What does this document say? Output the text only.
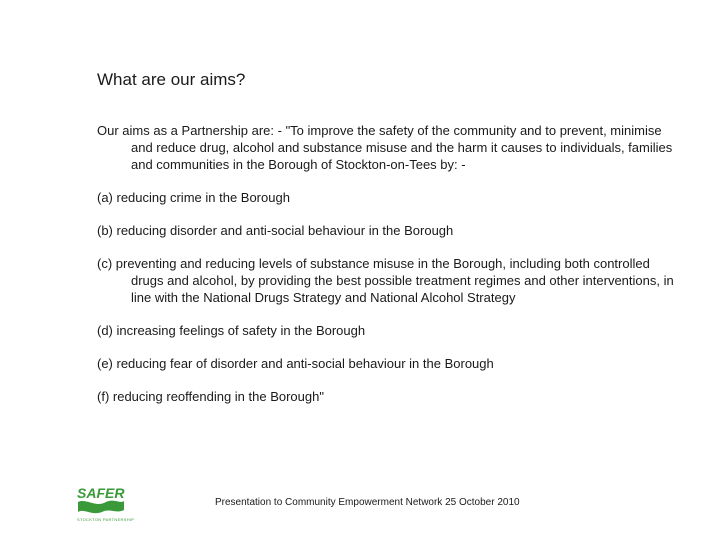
What are our aims?

Our aims as a Partnership are: - "To improve the safety of the community and to prevent, minimise and reduce drug, alcohol and substance misuse and the harm it causes to individuals, families and communities in the Borough of Stockton-on-Tees by: -

(a) reducing crime in the Borough

(b) reducing disorder and anti-social behaviour in the Borough

(c) preventing and reducing levels of substance misuse in the Borough, including both controlled drugs and alcohol, by providing the best possible treatment regimes and other interventions, in line with the National Drugs Strategy and National Alcohol Strategy

(d) increasing feelings of safety in the Borough

(e) reducing fear of disorder and anti-social behaviour in the Borough

(f) reducing reoffending in the Borough"

SAFER
STOCKTON PARTNERSHIP
Presentation to Community Empowerment Network 25 October 2010
